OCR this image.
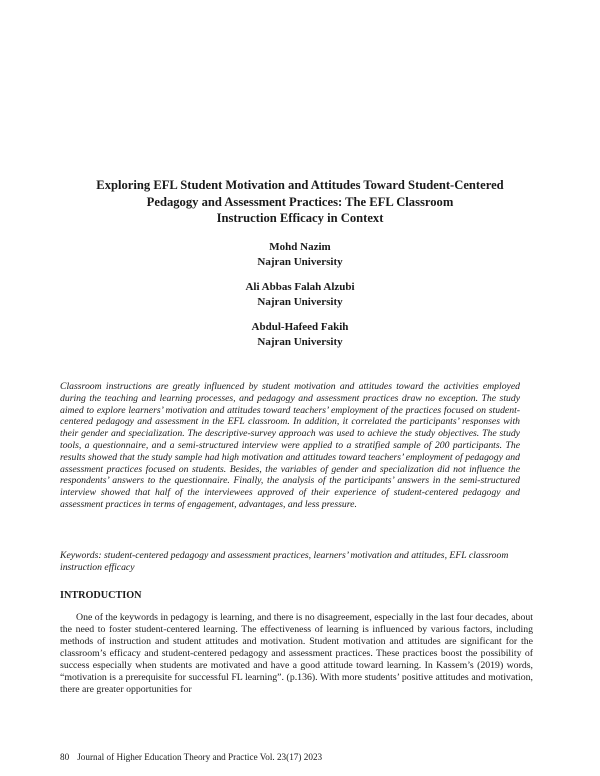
Exploring EFL Student Motivation and Attitudes Toward Student-Centered
Pedagogy and Assessment Practices: The EFL Classroom
Instruction Efficacy in Context
Mohd Nazim
Najran University
Ali Abbas Falah Alzubi
Najran University
Abdul-Hafeed Fakih
Najran University
Classroom instructions are greatly influenced by student motivation and attitudes toward the activities employed during the teaching and learning processes, and pedagogy and assessment practices draw no exception. The study aimed to explore learners’ motivation and attitudes toward teachers’ employment of the practices focused on student-centered pedagogy and assessment in the EFL classroom. In addition, it correlated the participants’ responses with their gender and specialization. The descriptive-survey approach was used to achieve the study objectives. The study tools, a questionnaire, and a semi-structured interview were applied to a stratified sample of 200 participants. The results showed that the study sample had high motivation and attitudes toward teachers’ employment of pedagogy and assessment practices focused on students. Besides, the variables of gender and specialization did not influence the respondents’ answers to the questionnaire. Finally, the analysis of the participants’ answers in the semi-structured interview showed that half of the interviewees approved of their experience of student-centered pedagogy and assessment practices in terms of engagement, advantages, and less pressure.
Keywords: student-centered pedagogy and assessment practices, learners’ motivation and attitudes, EFL classroom instruction efficacy
INTRODUCTION
One of the keywords in pedagogy is learning, and there is no disagreement, especially in the last four decades, about the need to foster student-centered learning. The effectiveness of learning is influenced by various factors, including methods of instruction and student attitudes and motivation. Student motivation and attitudes are significant for the classroom’s efficacy and student-centered pedagogy and assessment practices. These practices boost the possibility of success especially when students are motivated and have a good attitude toward learning. In Kassem’s (2019) words, “motivation is a prerequisite for successful FL learning”. (p.136). With more students’ positive attitudes and motivation, there are greater opportunities for
80 Journal of Higher Education Theory and Practice Vol. 23(17) 2023
